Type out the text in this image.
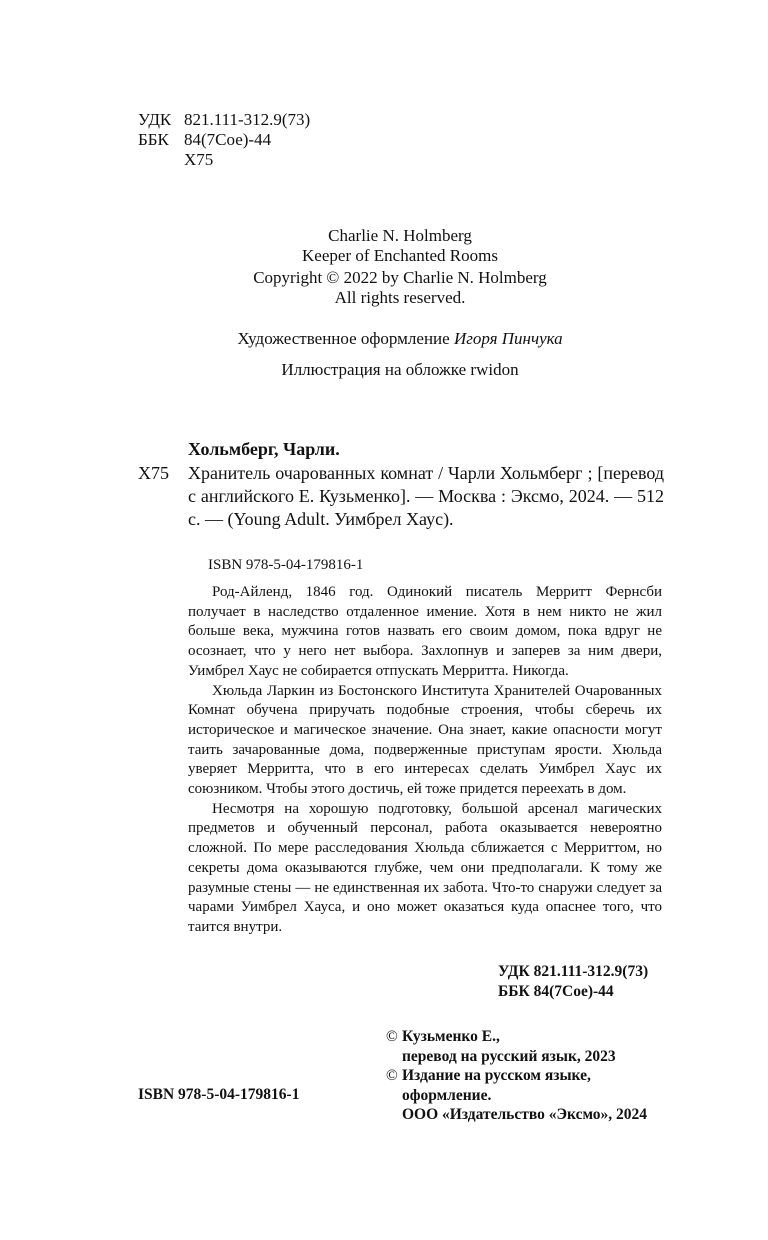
УДК 821.111-312.9(73)
ББК 84(7Сое)-44
Х75
Charlie N. Holmberg
Keeper of Enchanted Rooms
Copyright © 2022 by Charlie N. Holmberg
All rights reserved.
Художественное оформление Игоря Пинчука
Иллюстрация на обложке rwidon
Хольмберг, Чарли.
Х75 Хранитель очарованных комнат / Чарли Хольмберг ; [перевод с английского Е. Кузьменко]. — Москва : Эксмо, 2024. — 512 с. — (Young Adult. Уимбрел Хаус).
ISBN 978-5-04-179816-1

Род-Айленд, 1846 год. Одинокий писатель Мерритт Фернсби получает в наследство отдаленное имение. Хотя в нем никто не жил больше века, мужчина готов назвать его своим домом, пока вдруг не осознает, что у него нет выбора. Захлопнув и заперев за ним двери, Уимбрел Хаус не собирается отпускать Мерритта. Никогда.

Хюльда Ларкин из Бостонского Института Хранителей Очарованных Комнат обучена приручать подобные строения, чтобы сберечь их историческое и магическое значение. Она знает, какие опасности могут таить зачарованные дома, подверженные приступам ярости. Хюльда уверяет Мерритта, что в его интересах сделать Уимбрел Хаус их союзником. Чтобы этого достичь, ей тоже придется переехать в дом.

Несмотря на хорошую подготовку, большой арсенал магических предметов и обученный персонал, работа оказывается невероятно сложной. По мере расследования Хюльда сближается с Мерриттом, но секреты дома оказываются глубже, чем они предполагали. К тому же разумные стены — не единственная их забота. Что-то снаружи следует за чарами Уимбрел Хауса, и оно может оказаться куда опаснее того, что таится внутри.

УДК 821.111-312.9(73)
ББК 84(7Сое)-44
© Кузьменко Е.,
перевод на русский язык, 2023
© Издание на русском языке,
оформление.
ООО «Издательство «Эксмо», 2024
ISBN 978-5-04-179816-1
